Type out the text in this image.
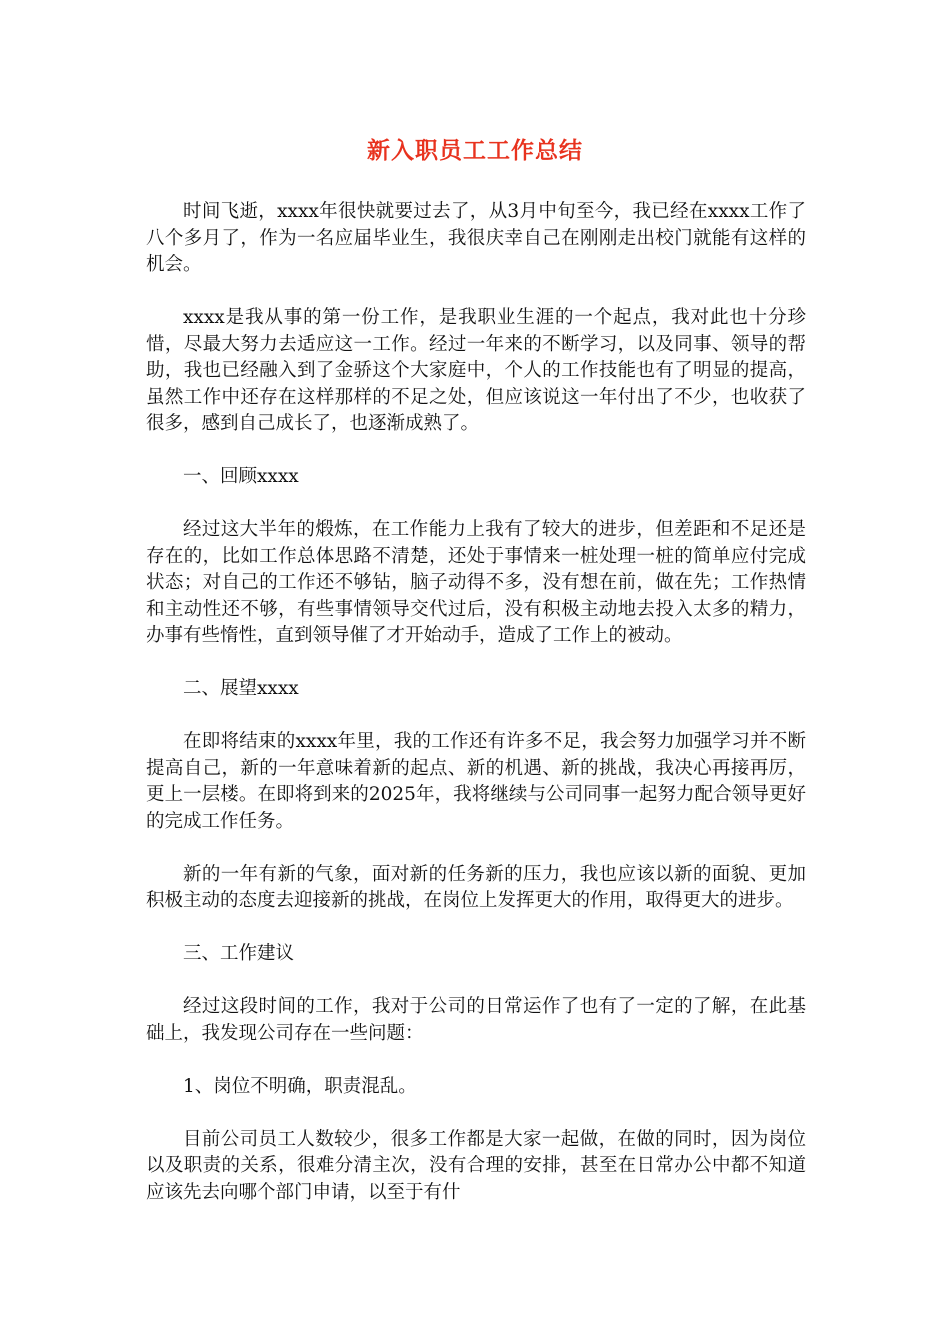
新入职员工工作总结

时间飞逝，xxxx年很快就要过去了，从3月中旬至今，我已经在xxxx工作了八个多月了，作为一名应届毕业生，我很庆幸自己在刚刚走出校门就能有这样的机会。

xxxx是我从事的第一份工作，是我职业生涯的一个起点，我对此也十分珍惜，尽最大努力去适应这一工作。经过一年来的不断学习，以及同事、领导的帮助，我也已经融入到了金骄这个大家庭中，个人的工作技能也有了明显的提高，虽然工作中还存在这样那样的不足之处，但应该说这一年付出了不少，也收获了很多，感到自己成长了，也逐渐成熟了。

一、回顾xxxx

经过这大半年的煅炼，在工作能力上我有了较大的进步，但差距和不足还是存在的，比如工作总体思路不清楚，还处于事情来一桩处理一桩的简单应付完成状态；对自己的工作还不够钻，脑子动得不多，没有想在前，做在先；工作热情和主动性还不够，有些事情领导交代过后，没有积极主动地去投入太多的精力，办事有些惰性，直到领导催了才开始动手，造成了工作上的被动。

二、展望xxxx

在即将结束的xxxx年里，我的工作还有许多不足，我会努力加强学习并不断提高自己，新的一年意味着新的起点、新的机遇、新的挑战，我决心再接再厉，更上一层楼。在即将到来的2025年，我将继续与公司同事一起努力配合领导更好的完成工作任务。

新的一年有新的气象，面对新的任务新的压力，我也应该以新的面貌、更加积极主动的态度去迎接新的挑战，在岗位上发挥更大的作用，取得更大的进步。

三、工作建议

经过这段时间的工作，我对于公司的日常运作了也有了一定的了解，在此基础上，我发现公司存在一些问题：

1、岗位不明确，职责混乱。

目前公司员工人数较少，很多工作都是大家一起做，在做的同时，因为岗位以及职责的关系，很难分清主次，没有合理的安排，甚至在日常办公中都不知道应该先去向哪个部门申请，以至于有什
